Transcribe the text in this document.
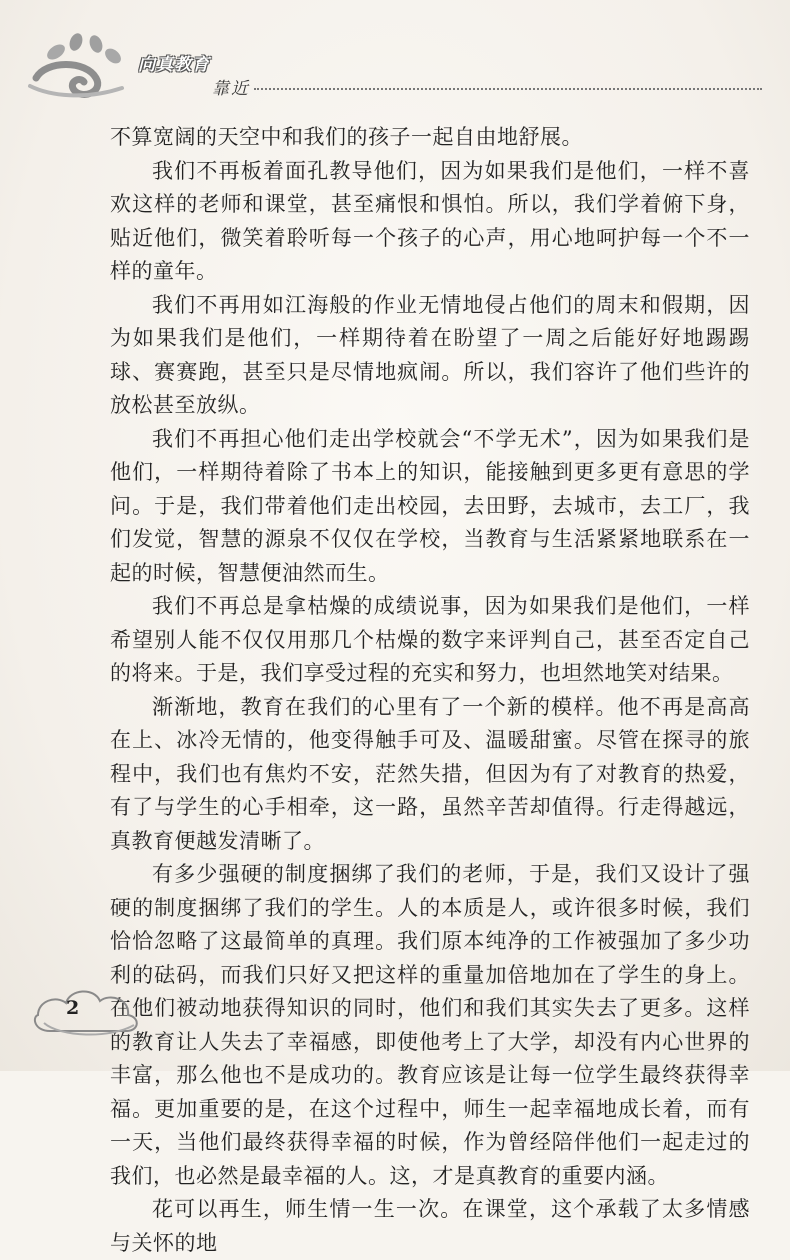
向真教育
靠近

不算宽阔的天空中和我们的孩子一起自由地舒展。

我们不再板着面孔教导他们，因为如果我们是他们，一样不喜欢这样的老师和课堂，甚至痛恨和惧怕。所以，我们学着俯下身，贴近他们，微笑着聆听每一个孩子的心声，用心地呵护每一个不一样的童年。

我们不再用如江海般的作业无情地侵占他们的周末和假期，因为如果我们是他们，一样期待着在盼望了一周之后能好好地踢踢球、赛赛跑，甚至只是尽情地疯闹。所以，我们容许了他们些许的放松甚至放纵。

我们不再担心他们走出学校就会“不学无术”，因为如果我们是他们，一样期待着除了书本上的知识，能接触到更多更有意思的学问。于是，我们带着他们走出校园，去田野，去城市，去工厂，我们发觉，智慧的源泉不仅仅在学校，当教育与生活紧紧地联系在一起的时候，智慧便油然而生。

我们不再总是拿枯燥的成绩说事，因为如果我们是他们，一样希望别人能不仅仅用那几个枯燥的数字来评判自己，甚至否定自己的将来。于是，我们享受过程的充实和努力，也坦然地笑对结果。

渐渐地，教育在我们的心里有了一个新的模样。他不再是高高在上、冰冷无情的，他变得触手可及、温暖甜蜜。尽管在探寻的旅程中，我们也有焦灼不安，茫然失措，但因为有了对教育的热爱，有了与学生的心手相牵，这一路，虽然辛苦却值得。行走得越远，真教育便越发清晰了。

有多少强硬的制度捆绑了我们的老师，于是，我们又设计了强硬的制度捆绑了我们的学生。人的本质是人，或许很多时候，我们恰恰忽略了这最简单的真理。我们原本纯净的工作被强加了多少功利的砝码，而我们只好又把这样的重量加倍地加在了学生的身上。在他们被动地获得知识的同时，他们和我们其实失去了更多。这样的教育让人失去了幸福感，即使他考上了大学，却没有内心世界的丰富，那么他也不是成功的。教育应该是让每一位学生最终获得幸福。更加重要的是，在这个过程中，师生一起幸福地成长着，而有一天，当他们最终获得幸福的时候，作为曾经陪伴他们一起走过的我们，也必然是最幸福的人。这，才是真教育的重要内涵。

花可以再生，师生情一生一次。在课堂，这个承载了太多情感与关怀的地

2
